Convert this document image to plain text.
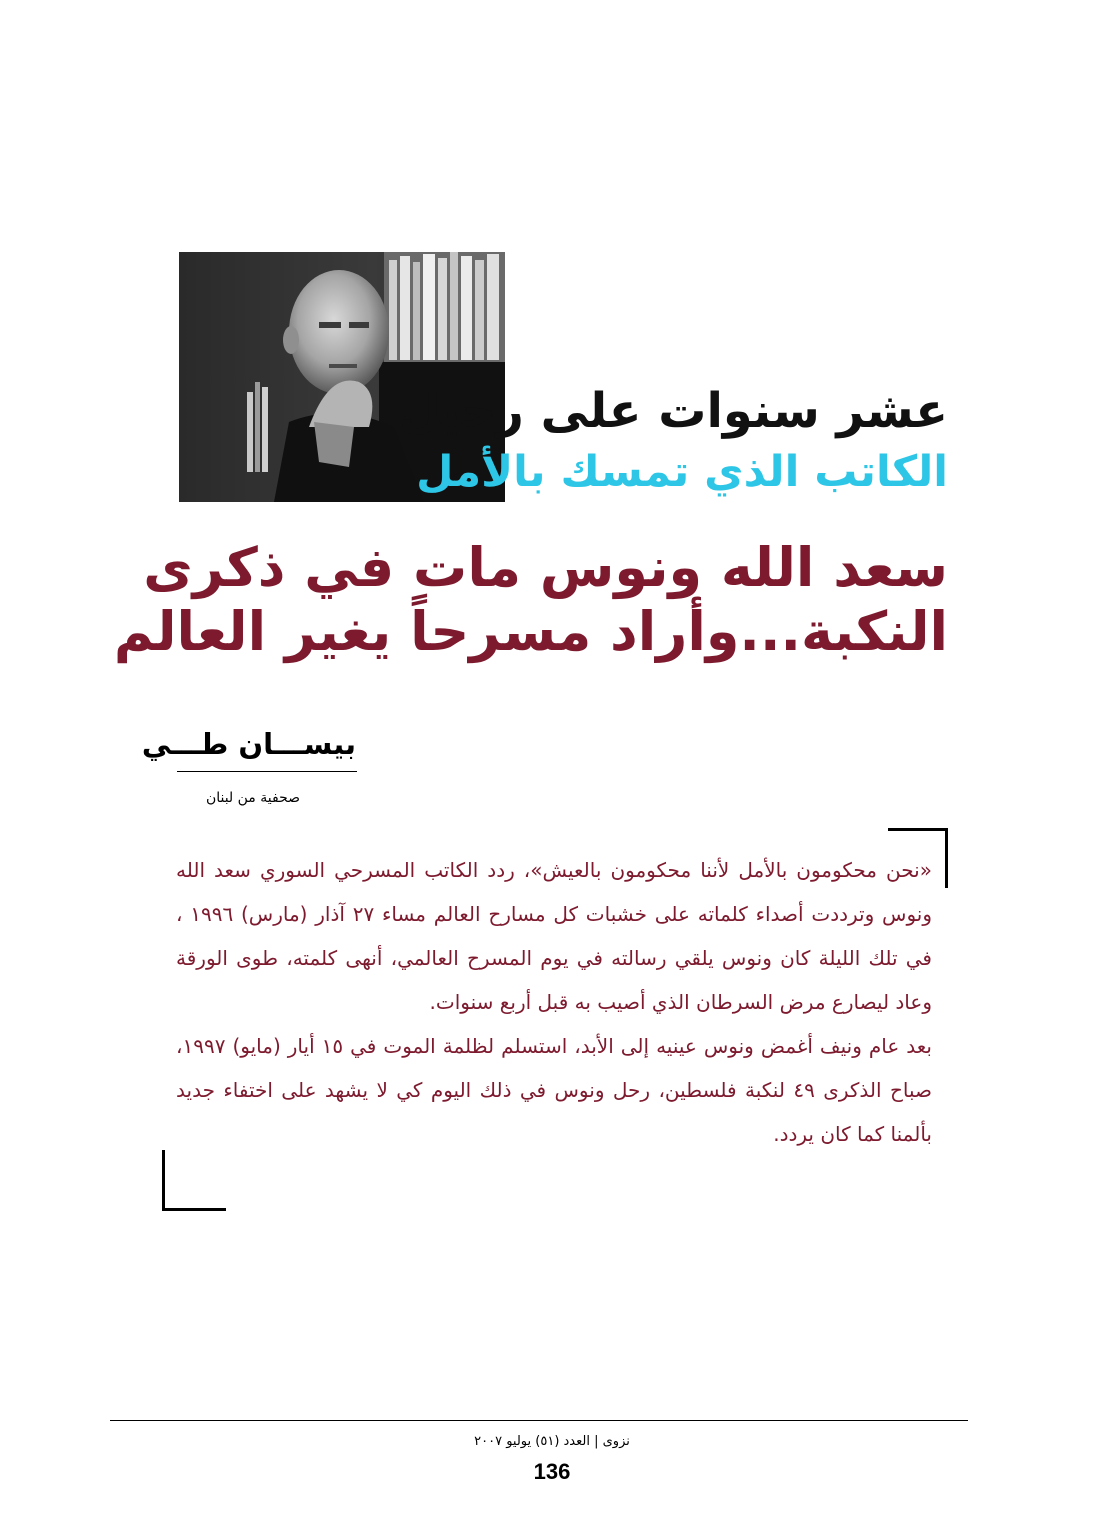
عشر سنوات على رحيل
الكاتب الذي تمسك بالأمل
سعد الله ونوس مات في ذكرى
النكبة...وأراد مسرحاً يغير العالم
بيســـان طـــي
صحفية من لبنان

«نحن محكومون بالأمل لأننا محكومون بالعيش»، ردد الكاتب المسرحي السوري سعد الله ونوس وترددت أصداء كلماته على خشبات كل مسارح العالم مساء ٢٧ آذار (مارس) ١٩٩٦ ، في تلك الليلة كان ونوس يلقي رسالته في يوم المسرح العالمي، أنهى كلمته، طوى الورقة وعاد ليصارع مرض السرطان الذي أصيب به قبل أربع سنوات.

بعد عام ونيف أغمض ونوس عينيه إلى الأبد، استسلم لظلمة الموت في ١٥ أيار (مايو) ١٩٩٧، صباح الذكرى ٤٩ لنكبة فلسطين، رحل ونوس في ذلك اليوم كي لا يشهد على اختفاء جديد بألمنا كما كان يردد.

نزوى | العدد (٥١) يوليو ٢٠٠٧
136
